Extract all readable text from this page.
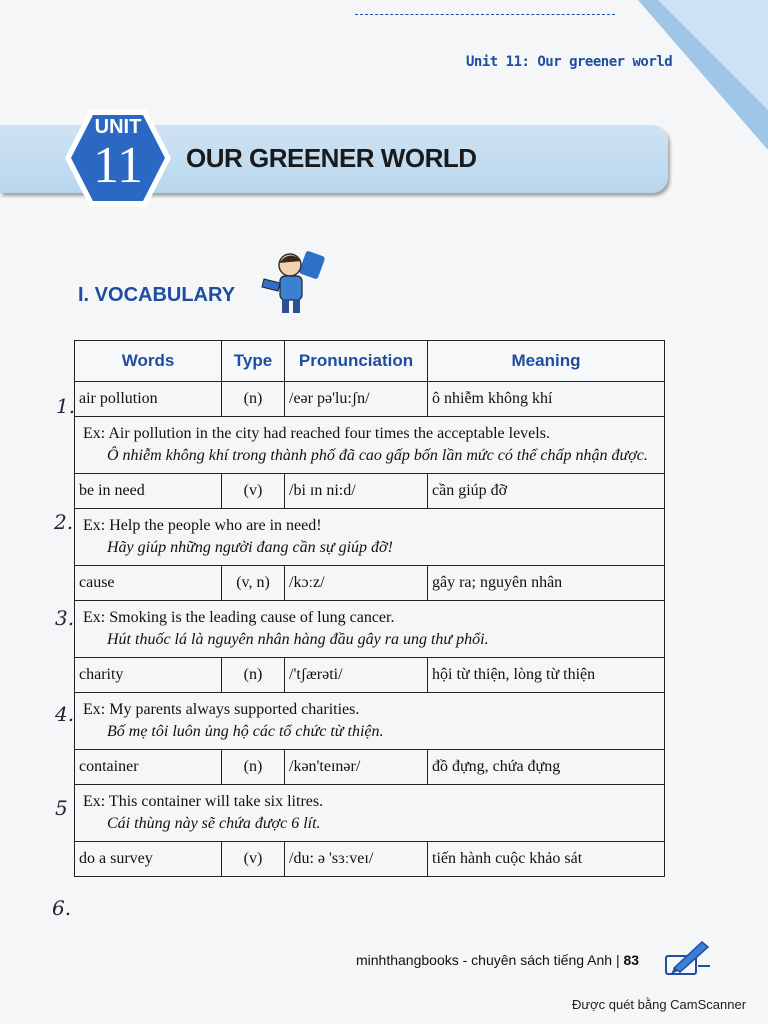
Unit 11: Our greener world
UNIT
11	OUR GREENER WORLD
I. VOCABULARY
Words	Type	Pronunciation	Meaning
air pollution	(n)	/eər pə'lu:ʃn/	ô nhiễm không khí

Ex: Air pollution in the city had reached four times the acceptable levels.
Ô nhiễm không khí trong thành phố đã cao gấp bốn lần mức có thể chấp nhận được.			

be in need	(v)	/bi ɪn ni:d/	cần giúp đỡ

Ex: Help the people who are in need!
Hãy giúp những người đang cần sự giúp đỡ!			

cause	(v, n)	/kɔːz/	gây ra; nguyên nhân

Ex: Smoking is the leading cause of lung cancer.
Hút thuốc lá là nguyên nhân hàng đầu gây ra ung thư phổi.			

charity	(n)	/'tʃærəti/	hội từ thiện, lòng từ thiện

Ex: My parents always supported charities.
Bố mẹ tôi luôn ủng hộ các tổ chức từ thiện.			

container	(n)	/kən'teɪnər/	đồ đựng, chứa đựng

Ex: This container will take six litres.
Cái thùng này sẽ chứa được 6 lít.			

do a survey	(v)	/du: ə 'sɜːveɪ/	tiến hành cuộc khảo sát
1.
2.
3.
4.
5
6.
minhthangbooks - chuyên sách tiếng Anh | 83
Được quét bằng CamScanner
